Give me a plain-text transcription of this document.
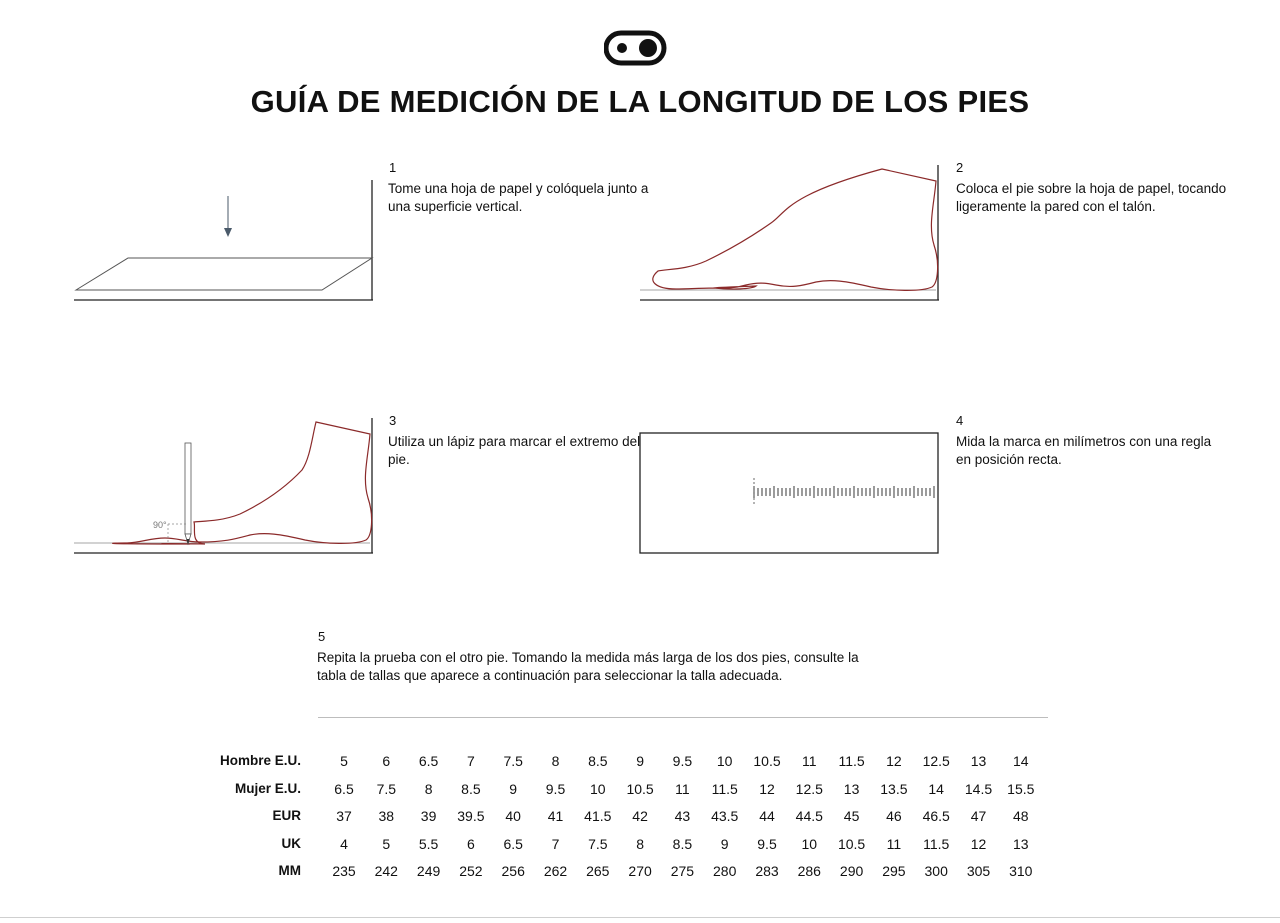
GUÍA DE MEDICIÓN DE LA LONGITUD DE LOS PIES
1
Tome una hoja de papel y colóquela junto a una superficie vertical.
2
Coloca el pie sobre la hoja de papel, tocando ligeramente la pared con el talón.
3
Utiliza un lápiz para marcar el extremo del pie.
90°
4
Mida la marca en milímetros con una regla en posición recta.
5
Repita la prueba con el otro pie. Tomando la medida más larga de los dos pies, consulte la tabla de tallas que aparece a continuación para seleccionar la talla adecuada.
Hombre E.U.	5	6	6.5	7	7.5	8	8.5	9	9.5	10	10.5	11	11.5	12	12.5	13	14
Mujer E.U.	6.5	7.5	8	8.5	9	9.5	10	10.5	11	11.5	12	12.5	13	13.5	14	14.5	15.5
EUR	37	38	39	39.5	40	41	41.5	42	43	43.5	44	44.5	45	46	46.5	47	48
UK	4	5	5.5	6	6.5	7	7.5	8	8.5	9	9.5	10	10.5	11	11.5	12	13
MM	235	242	249	252	256	262	265	270	275	280	283	286	290	295	300	305	310
